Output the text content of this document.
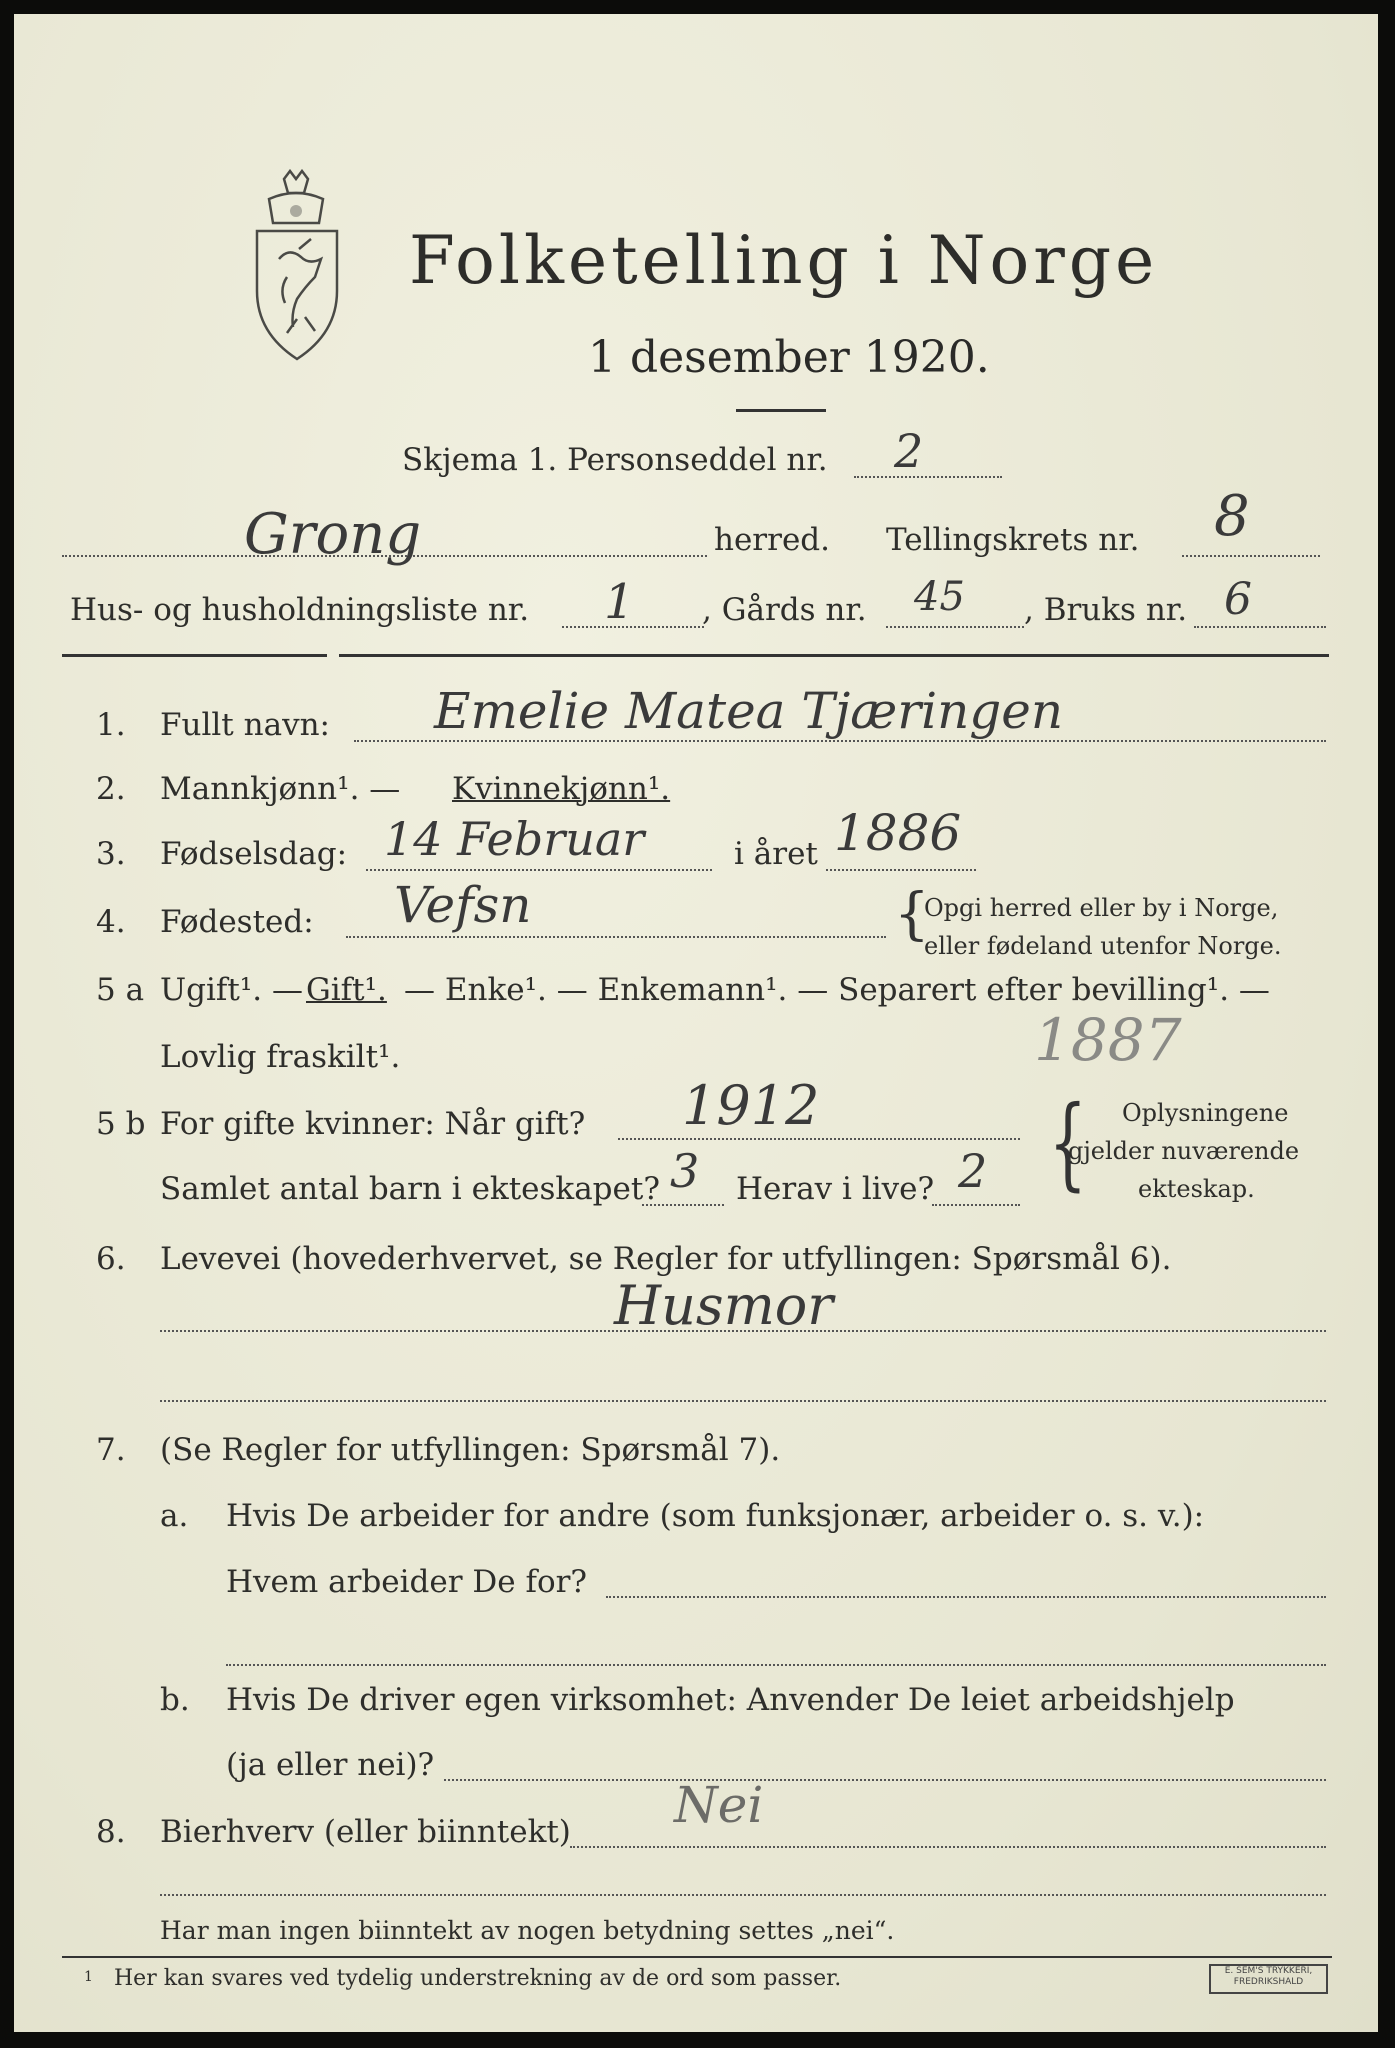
Folketelling i Norge
1 desember 1920.
Skjema 1. Personseddel nr. 2
Grong	herred. Tellingskrets nr. 8
Hus- og husholdningsliste nr. 1 , Gårds nr. 45 , Bruks nr. 6
1. Fullt navn: Emelie Matea Tjæringen
2. Mannkjønn¹. — Kvinnekjønn¹.
3. Fødselsdag: 14 Februar	i året 1886
4. Fødested: Vefsn	{
Opgi herred eller by i Norge,
eller fødeland utenfor Norge.
5 a Ugift¹. — Gift¹. — Enke¹. — Enkemann¹. — Separert efter bevilling¹. —
Lovlig fraskilt¹.	1887
5 b For gifte kvinner: Når gift? 1912
Samlet antal barn i ekteskapet? 3 Herav i live? 2 { Oplysningene
gjelder nuværende
ekteskap.
6. Levevei (hovederhvervet, se Regler for utfyllingen: Spørsmål 6).
Husmor
7. (Se Regler for utfyllingen: Spørsmål 7).
a. Hvis De arbeider for andre (som funksjonær, arbeider o. s. v.):
Hvem arbeider De for?
b. Hvis De driver egen virksomhet: Anvender De leiet arbeidshjelp
(ja eller nei)?
8. Bierhverv (eller biinntekt) Nei
Har man ingen biinntekt av nogen betydning settes „nei“.
1 Her kan svares ved tydelig understrekning av de ord som passer.	E. SEM'S TRYKKERI, FREDRIKSHALD
